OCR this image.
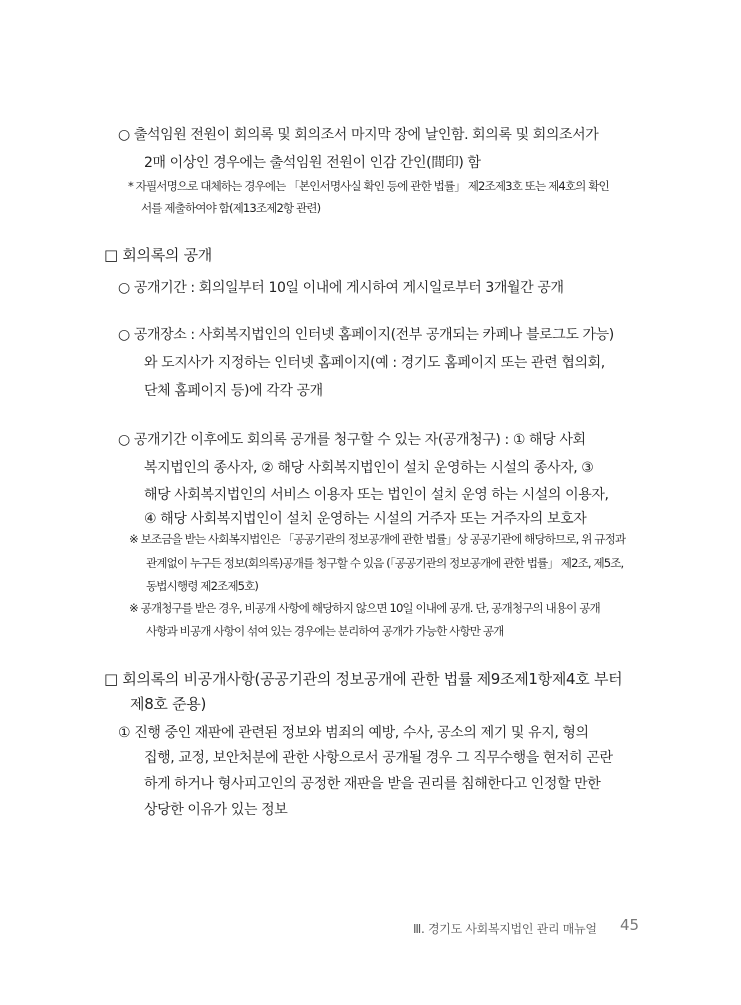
○ 출석임원 전원이 회의록 및 회의조서 마지막 장에 날인함. 회의록 및 회의조서가
2매 이상인 경우에는 출석임원 전원이 인감 간인(間印) 함
* 자필서명으로 대체하는 경우에는 「본인서명사실 확인 등에 관한 법률」 제2조제3호 또는 제4호의 확인
서를 제출하여야 함(제13조제2항 관련)
□ 회의록의 공개
○ 공개기간 : 회의일부터 10일 이내에 게시하여 게시일로부터 3개월간 공개
○ 공개장소 : 사회복지법인의 인터넷 홈페이지(전부 공개되는 카페나 블로그도 가능)
와 도지사가 지정하는 인터넷 홈페이지(예 : 경기도 홈페이지 또는 관련 협의회,
단체 홈페이지 등)에 각각 공개
○ 공개기간 이후에도 회의록 공개를 청구할 수 있는 자(공개청구) : ① 해당 사회
복지법인의 종사자, ② 해당 사회복지법인이 설치 운영하는 시설의 종사자, ③
해당 사회복지법인의 서비스 이용자 또는 법인이 설치 운영 하는 시설의 이용자,
④ 해당 사회복지법인이 설치 운영하는 시설의 거주자 또는 거주자의 보호자
※ 보조금을 받는 사회복지법인은 「공공기관의 정보공개에 관한 법률」상 공공기관에 해당하므로, 위 규정과
관계없이 누구든 정보(회의록)공개를 청구할 수 있음 (「공공기관의 정보공개에 관한 법률」 제2조, 제5조,
동법시행령 제2조제5호)
※ 공개청구를 받은 경우, 비공개 사항에 해당하지 않으면 10일 이내에 공개. 단, 공개청구의 내용이 공개
사항과 비공개 사항이 섞여 있는 경우에는 분리하여 공개가 가능한 사항만 공개
□ 회의록의 비공개사항(공공기관의 정보공개에 관한 법률 제9조제1항제4호 부터
제8호 준용)
① 진행 중인 재판에 관련된 정보와 범죄의 예방, 수사, 공소의 제기 및 유지, 형의
집행, 교정, 보안처분에 관한 사항으로서 공개될 경우 그 직무수행을 현저히 곤란
하게 하거나 형사피고인의 공정한 재판을 받을 권리를 침해한다고 인정할 만한
상당한 이유가 있는 정보
Ⅲ. 경기도 사회복지법인 관리 매뉴얼 45
